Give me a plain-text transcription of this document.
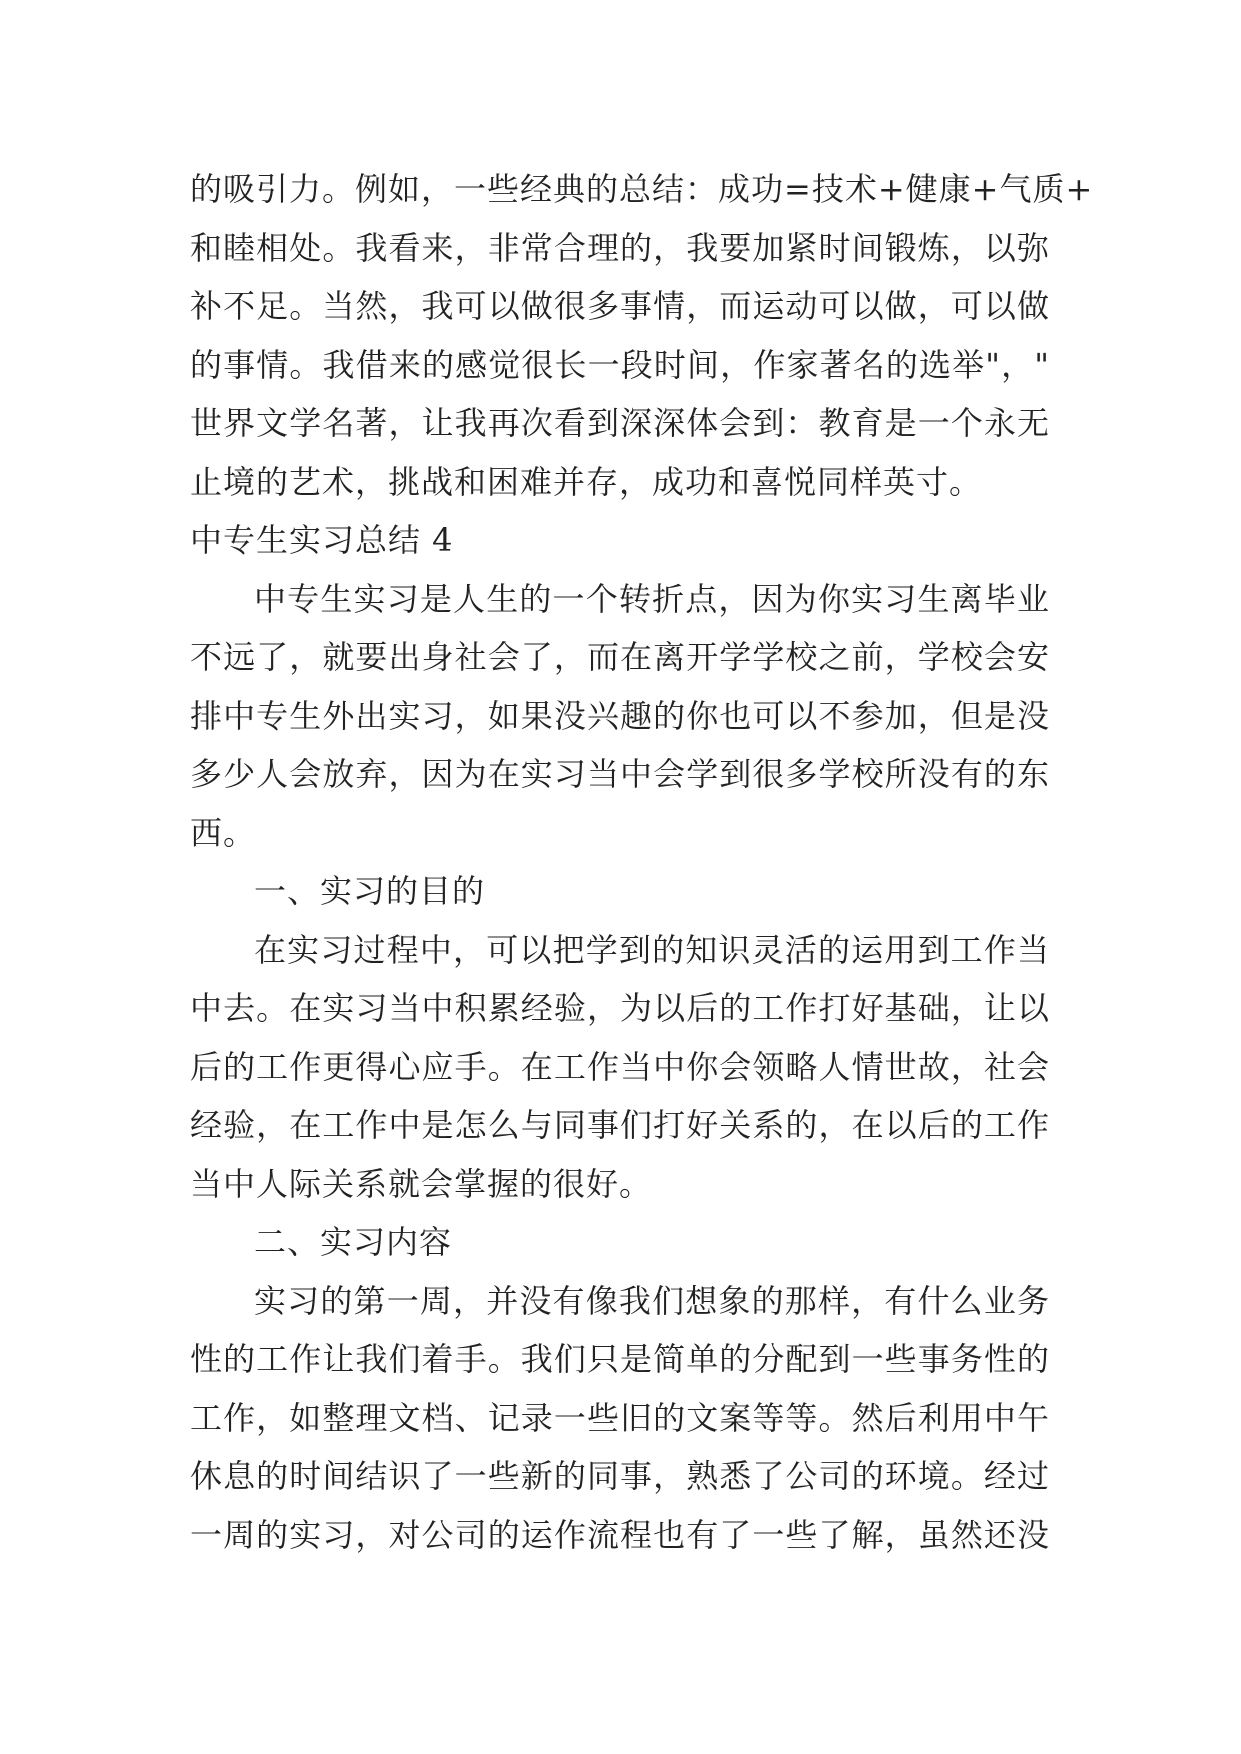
的吸引力。例如，一些经典的总结：成功=技术+健康+气质+
和睦相处。我看来，非常合理的，我要加紧时间锻炼，以弥
补不足。当然，我可以做很多事情，而运动可以做，可以做
的事情。我借来的感觉很长一段时间，作家著名的选举"，"
世界文学名著，让我再次看到深深体会到：教育是一个永无
止境的艺术，挑战和困难并存，成功和喜悦同样英寸。
中专生实习总结 4
中专生实习是人生的一个转折点，因为你实习生离毕业
不远了，就要出身社会了，而在离开学学校之前，学校会安
排中专生外出实习，如果没兴趣的你也可以不参加，但是没
多少人会放弃，因为在实习当中会学到很多学校所没有的东
西。
一、实习的目的
在实习过程中，可以把学到的知识灵活的运用到工作当
中去。在实习当中积累经验，为以后的工作打好基础，让以
后的工作更得心应手。在工作当中你会领略人情世故，社会
经验，在工作中是怎么与同事们打好关系的，在以后的工作
当中人际关系就会掌握的很好。
二、实习内容
实习的第一周，并没有像我们想象的那样，有什么业务
性的工作让我们着手。我们只是简单的分配到一些事务性的
工作，如整理文档、记录一些旧的文案等等。然后利用中午
休息的时间结识了一些新的同事，熟悉了公司的环境。经过
一周的实习，对公司的运作流程也有了一些了解，虽然还没
